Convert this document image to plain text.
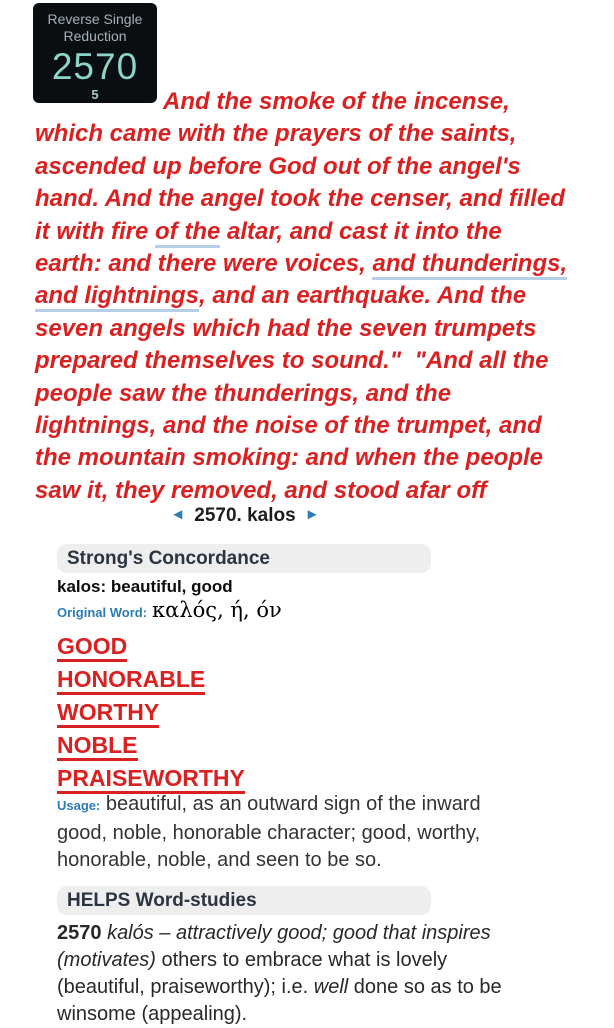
Reverse Single Reduction
2570
5	And the smoke of the incense,
which came with the prayers of the saints,
ascended up before God out of the angel's
hand. And the angel took the censer, and filled
it with fire of the altar, and cast it into the
earth: and there were voices, and thunderings,
and lightnings, and an earthquake. And the
seven angels which had the seven trumpets
prepared themselves to sound."  "And all the
people saw the thunderings, and the
lightnings, and the noise of the trumpet, and
the mountain smoking: and when the people
saw it, they removed, and stood afar off
◄ 2570. kalos ►
Strong's Concordance
kalos: beautiful, good
Original Word: καλός, ή, όν
GOOD
HONORABLE
WORTHY
NOBLE
PRAISEWORTHY
Usage: beautiful, as an outward sign of the inward good, noble, honorable character; good, worthy, honorable, noble, and seen to be so.
HELPS Word-studies
2570 kalós – attractively good; good that inspires (motivates) others to embrace what is lovely (beautiful, praiseworthy); i.e. well done so as to be winsome (appealing).
